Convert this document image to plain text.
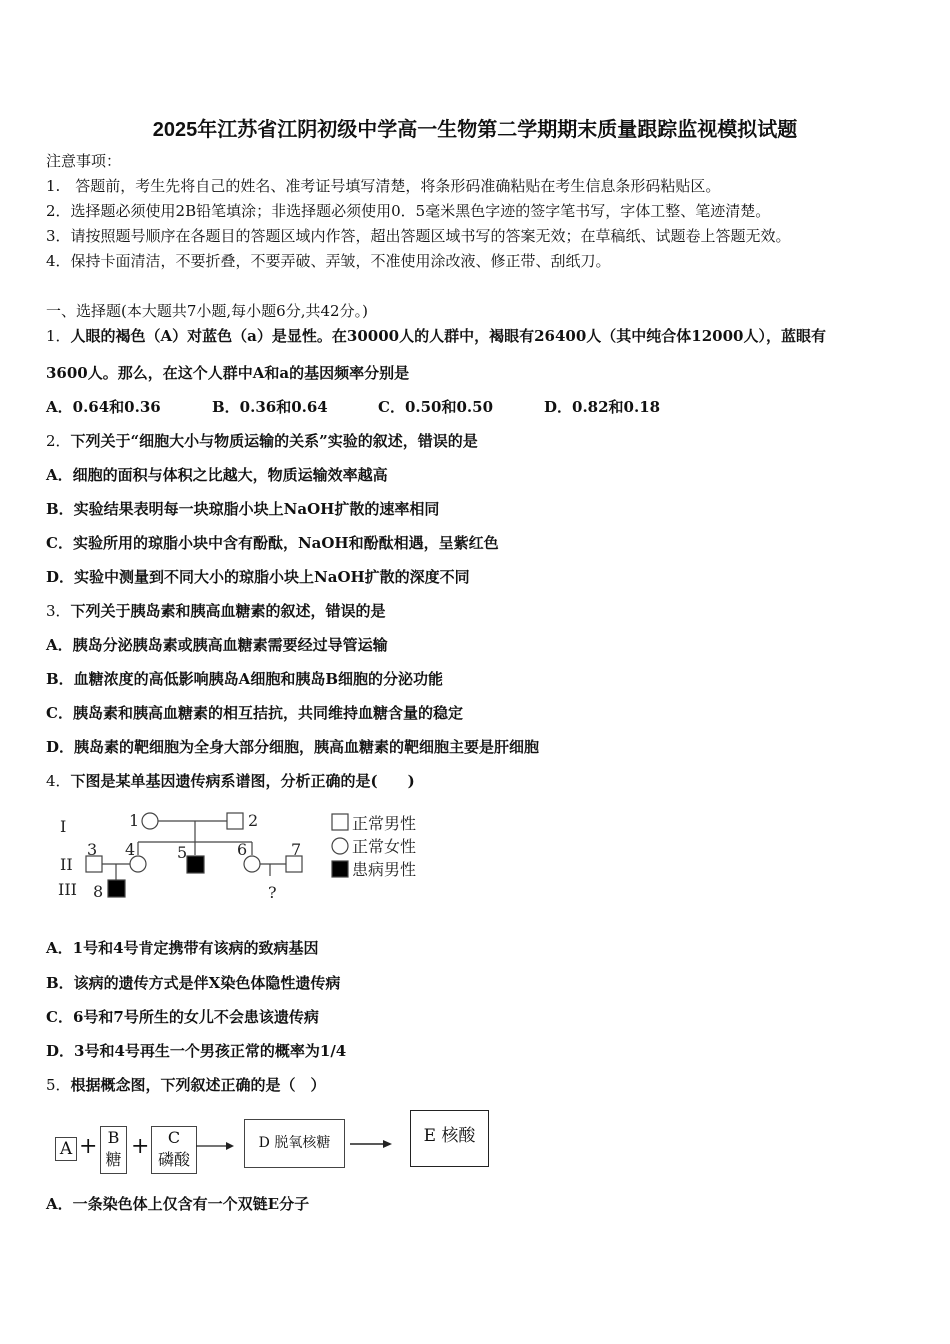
2025年江苏省江阴初级中学高一生物第二学期期末质量跟踪监视模拟试题
注意事项：
1.　答题前，考生先将自己的姓名、准考证号填写清楚，将条形码准确粘贴在考生信息条形码粘贴区。
2．选择题必须使用2B铅笔填涂；非选择题必须使用0．5毫米黑色字迹的签字笔书写，字体工整、笔迹清楚。
3．请按照题号顺序在各题目的答题区域内作答，超出答题区域书写的答案无效；在草稿纸、试题卷上答题无效。
4．保持卡面清洁，不要折叠，不要弄破、弄皱，不准使用涂改液、修正带、刮纸刀。
一、选择题(本大题共7小题,每小题6分,共42分。)
1．人眼的褐色（A）对蓝色（a）是显性。在30000人的人群中，褐眼有26400人（其中纯合体12000人），蓝眼有
3600人。那么，在这个人群中A和a的基因频率分别是
A．0.64和0.36	B．0.36和0.64	C．0.50和0.50	D．0.82和0.18
2．下列关于“细胞大小与物质运输的关系”实验的叙述，错误的是
A．细胞的面积与体积之比越大，物质运输效率越高
B．实验结果表明每一块琼脂小块上NaOH扩散的速率相同
C．实验所用的琼脂小块中含有酚酞，NaOH和酚酞相遇，呈紫红色
D．实验中测量到不同大小的琼脂小块上NaOH扩散的深度不同
3．下列关于胰岛素和胰高血糖素的叙述，错误的是
A．胰岛分泌胰岛素或胰高血糖素需要经过导管运输
B．血糖浓度的高低影响胰岛A细胞和胰岛B细胞的分泌功能
C．胰岛素和胰高血糖素的相互拮抗，共同维持血糖含量的稳定
D．胰岛素的靶细胞为全身大部分细胞，胰高血糖素的靶细胞主要是肝细胞
4．下图是某单基因遗传病系谱图，分析正确的是(　　)
I
II
III
1	2
3 4	5	6	7
8	?
正常男性
正常女性
患病男性
A．1号和4号肯定携带有该病的致病基因
B．该病的遗传方式是伴X染色体隐性遗传病
C．6号和7号所生的女儿不会患该遗传病
D．3号和4号再生一个男孩正常的概率为1/4
5．根据概念图，下列叙述正确的是（　）
A + B
糖
+	C
磷酸
D 脱氧核糖	E 核酸
A．一条染色体上仅含有一个双链E分子
